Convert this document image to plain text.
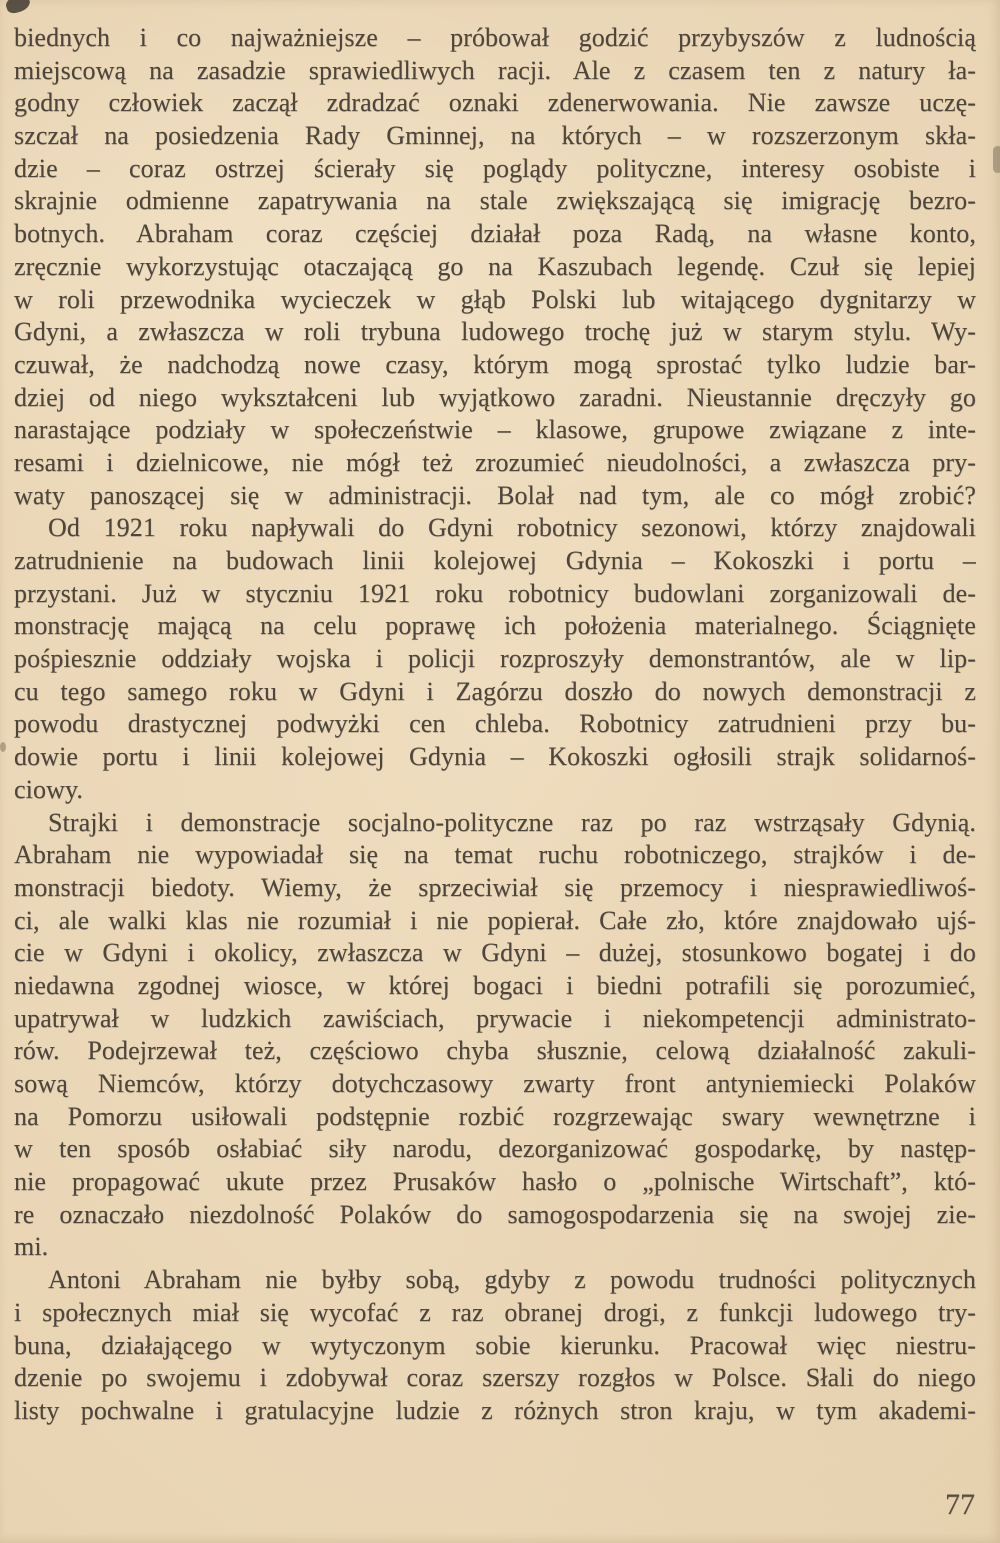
biednych i co najważniejsze – próbował godzić przybyszów z ludnością
miejscową na zasadzie sprawiedliwych racji. Ale z czasem ten z natury ła-
godny człowiek zaczął zdradzać oznaki zdenerwowania. Nie zawsze uczę-
szczał na posiedzenia Rady Gminnej, na których – w rozszerzonym skła-
dzie – coraz ostrzej ścierały się poglądy polityczne, interesy osobiste i
skrajnie odmienne zapatrywania na stale zwiększającą się imigrację bezro-
botnych. Abraham coraz częściej działał poza Radą, na własne konto,
zręcznie wykorzystując otaczającą go na Kaszubach legendę. Czuł się lepiej
w roli przewodnika wycieczek w głąb Polski lub witającego dygnitarzy w
Gdyni, a zwłaszcza w roli trybuna ludowego trochę już w starym stylu. Wy-
czuwał, że nadchodzą nowe czasy, którym mogą sprostać tylko ludzie bar-
dziej od niego wykształceni lub wyjątkowo zaradni. Nieustannie dręczyły go
narastające podziały w społeczeństwie – klasowe, grupowe związane z inte-
resami i dzielnicowe, nie mógł też zrozumieć nieudolności, a zwłaszcza pry-
waty panoszącej się w administracji. Bolał nad tym, ale co mógł zrobić?
Od 1921 roku napływali do Gdyni robotnicy sezonowi, którzy znajdowali
zatrudnienie na budowach linii kolejowej Gdynia – Kokoszki i portu –
przystani. Już w styczniu 1921 roku robotnicy budowlani zorganizowali de-
monstrację mającą na celu poprawę ich położenia materialnego. Ściągnięte
pośpiesznie oddziały wojska i policji rozproszyły demonstrantów, ale w lip-
cu tego samego roku w Gdyni i Zagórzu doszło do nowych demonstracji z
powodu drastycznej podwyżki cen chleba. Robotnicy zatrudnieni przy bu-
dowie portu i linii kolejowej Gdynia – Kokoszki ogłosili strajk solidarnoś-
ciowy.
Strajki i demonstracje socjalno-polityczne raz po raz wstrząsały Gdynią.
Abraham nie wypowiadał się na temat ruchu robotniczego, strajków i de-
monstracji biedoty. Wiemy, że sprzeciwiał się przemocy i niesprawiedliwoś-
ci, ale walki klas nie rozumiał i nie popierał. Całe zło, które znajdowało ujś-
cie w Gdyni i okolicy, zwłaszcza w Gdyni – dużej, stosunkowo bogatej i do
niedawna zgodnej wiosce, w której bogaci i biedni potrafili się porozumieć,
upatrywał w ludzkich zawiściach, prywacie i niekompetencji administrato-
rów. Podejrzewał też, częściowo chyba słusznie, celową działalność zakuli-
sową Niemców, którzy dotychczasowy zwarty front antyniemiecki Polaków
na Pomorzu usiłowali podstępnie rozbić rozgrzewając swary wewnętrzne i
w ten sposób osłabiać siły narodu, dezorganizować gospodarkę, by następ-
nie propagować ukute przez Prusaków hasło o „polnische Wirtschaft”, któ-
re oznaczało niezdolność Polaków do samogospodarzenia się na swojej zie-
mi.
Antoni Abraham nie byłby sobą, gdyby z powodu trudności politycznych
i społecznych miał się wycofać z raz obranej drogi, z funkcji ludowego try-
buna, działającego w wytyczonym sobie kierunku. Pracował więc niestru-
dzenie po swojemu i zdobywał coraz szerszy rozgłos w Polsce. Słali do niego
listy pochwalne i gratulacyjne ludzie z różnych stron kraju, w tym akademi-
77
